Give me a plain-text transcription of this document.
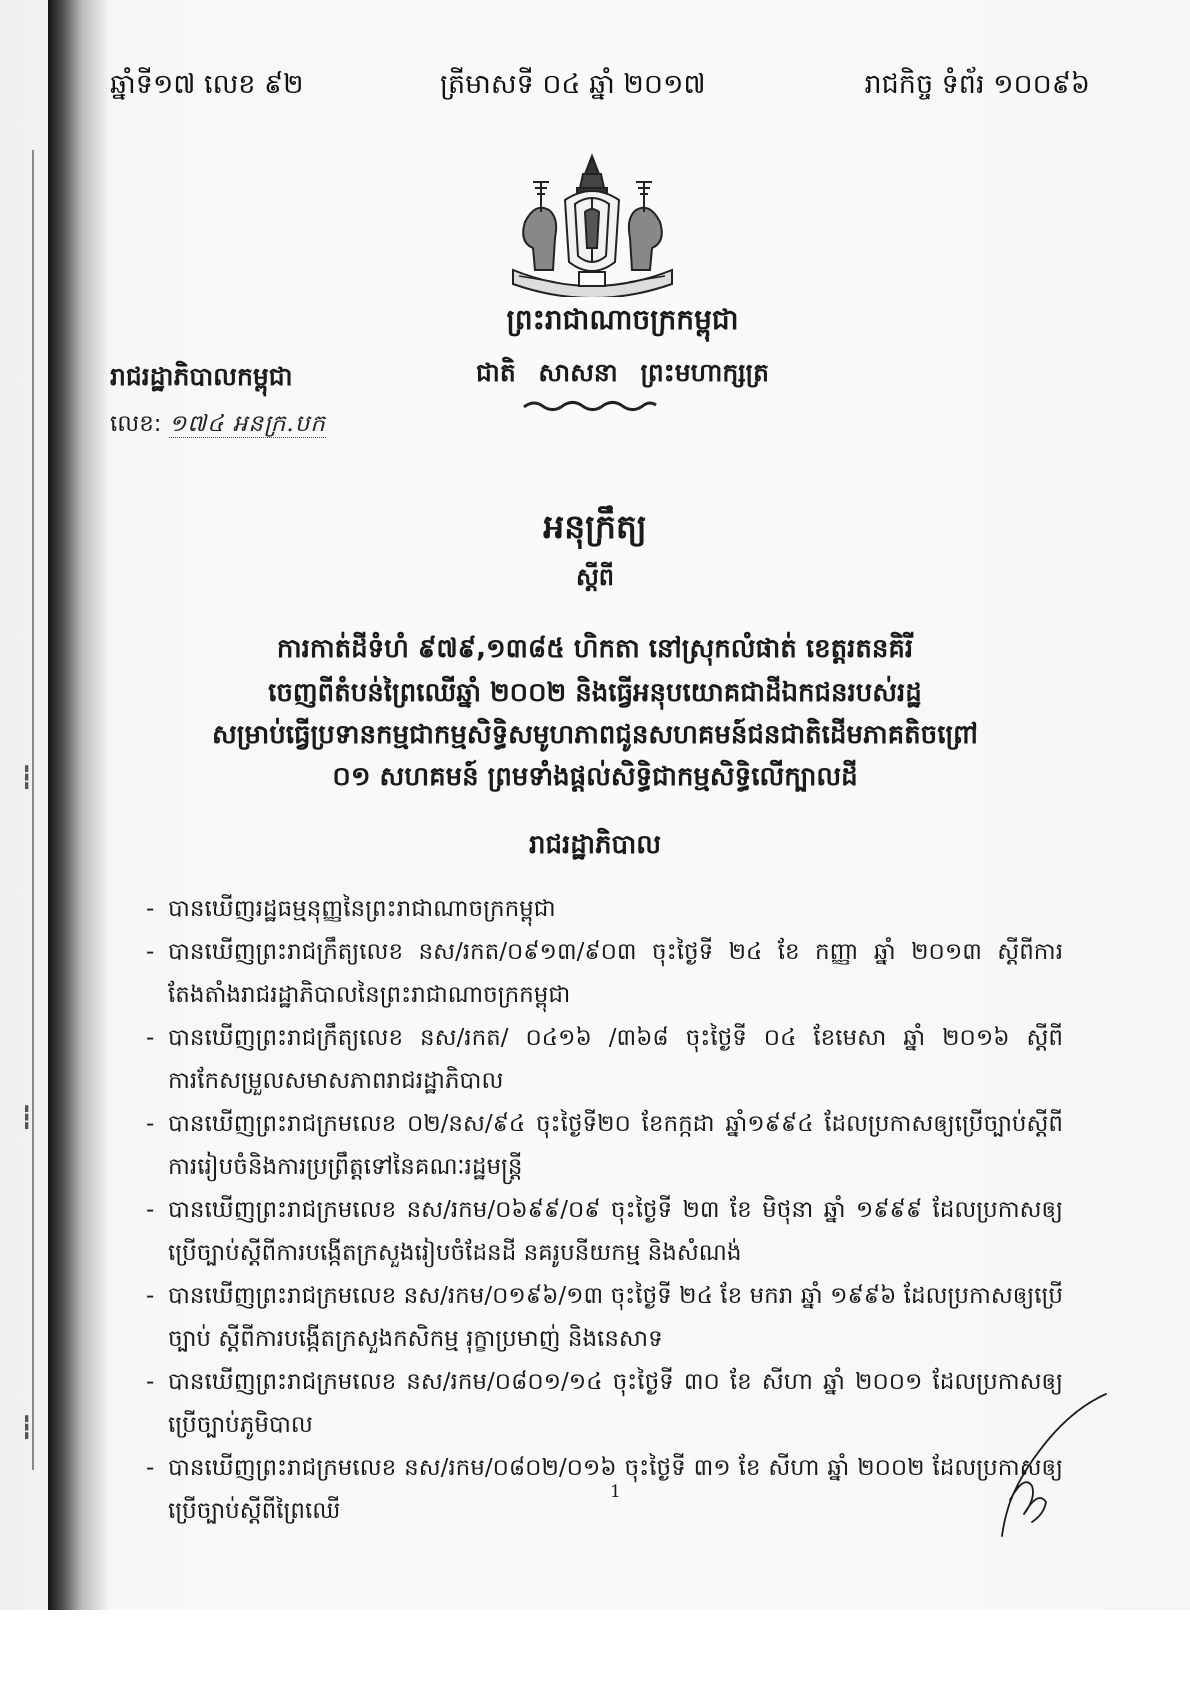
▬▬▬
▬▬▬
▬▬▬
ឆ្នាំទី១៧ លេខ ៩២	ត្រីមាសទី ០៤ ឆ្នាំ ២០១៧	រាជកិច្ច ទំព័រ ១០០៩៦
ព្រះរាជាណាចក្រកម្ពុជា
ជាតិ សាសនា ព្រះមហាក្សត្រ
រាជរដ្ឋាភិបាលកម្ពុជា
លេខ: ១៧៤ អនក្រ.បក
អនុក្រឹត្យ
ស្តីពី
ការកាត់ដីទំហំ ៩៧៩,១៣៨៥ ហិកតា នៅស្រុកលំផាត់ ខេត្តរតនគិរី
ចេញពីតំបន់ព្រៃឈើឆ្នាំ ២០០២ និងធ្វើអនុបយោគជាដីឯកជនរបស់រដ្ឋ
សម្រាប់ធ្វើប្រទានកម្មជាកម្មសិទ្ធិសមូហភាពជូនសហគមន៍ជនជាតិដើមភាគតិចព្រៅ
០១ សហគមន៍ ព្រមទាំងផ្តល់សិទ្ធិជាកម្មសិទ្ធិលើក្បាលដី
រាជរដ្ឋាភិបាល
- បានឃើញរដ្ឋធម្មនុញ្ញនៃព្រះរាជាណាចក្រកម្ពុជា
- បានឃើញព្រះរាជក្រឹត្យលេខ នស/រកត/០៩១៣/៩០៣ ចុះថ្ងៃទី ២៤ ខែ កញ្ញា ឆ្នាំ ២០១៣ ស្តីពីការតែងតាំងរាជរដ្ឋាភិបាលនៃព្រះរាជាណាចក្រកម្ពុជា
- បានឃើញព្រះរាជក្រឹត្យលេខ នស/រកត/ ០៤១៦ /៣៦៨ ចុះថ្ងៃទី ០៤ ខែមេសា ឆ្នាំ ២០១៦ ស្តីពីការកែសម្រួលសមាសភាពរាជរដ្ឋាភិបាល
- បានឃើញព្រះរាជក្រមលេខ ០២/នស/៩៤ ចុះថ្ងៃទី២០ ខែកក្កដា ឆ្នាំ១៩៩៤ ដែលប្រកាសឲ្យប្រើច្បាប់ស្តីពីការរៀបចំនិងការប្រព្រឹត្តទៅនៃគណៈរដ្ឋមន្ត្រី
- បានឃើញព្រះរាជក្រមលេខ នស/រកម/០៦៩៩/០៩ ចុះថ្ងៃទី ២៣ ខែ មិថុនា ឆ្នាំ ១៩៩៩ ដែលប្រកាសឲ្យប្រើច្បាប់ស្តីពីការបង្កើតក្រសួងរៀបចំដែនដី នគរូបនីយកម្ម និងសំណង់
- បានឃើញព្រះរាជក្រមលេខ នស/រកម/០១៩៦/១៣ ចុះថ្ងៃទី ២៤ ខែ មករា ឆ្នាំ ១៩៩៦ ដែលប្រកាសឲ្យប្រើច្បាប់ ស្តីពីការបង្កើតក្រសួងកសិកម្ម រុក្ខាប្រមាញ់ និងនេសាទ
- បានឃើញព្រះរាជក្រមលេខ នស/រកម/០៨០១/១៤ ចុះថ្ងៃទី ៣០ ខែ សីហា ឆ្នាំ ២០០១ ដែលប្រកាសឲ្យប្រើច្បាប់ភូមិបាល
- បានឃើញព្រះរាជក្រមលេខ នស/រកម/០៨០២/០១៦ ចុះថ្ងៃទី ៣១ ខែ សីហា ឆ្នាំ ២០០២ ដែលប្រកាសឲ្យប្រើច្បាប់ស្តីពីព្រៃឈើ
1
